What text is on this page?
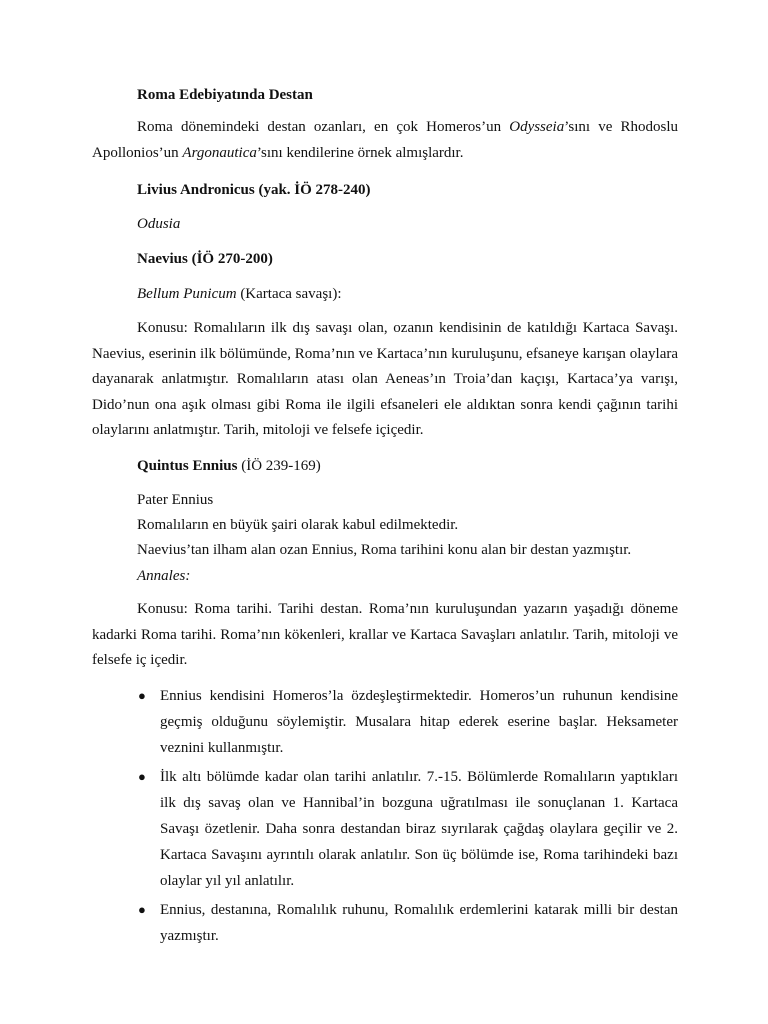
Roma Edebiyatında Destan
Roma dönemindeki destan ozanları, en çok Homeros’un Odysseia’sını ve Rhodoslu Apollonios’un Argonautica’sını kendilerine örnek almışlardır.
Livius Andronicus (yak. İÖ 278-240)
Odusia
Naevius (İÖ 270-200)
Bellum Punicum (Kartaca savaşı):
Konusu: Romalıların ilk dış savaşı olan, ozanın kendisinin de katıldığı Kartaca Savaşı. Naevius, eserinin ilk bölümünde, Roma’nın ve Kartaca’nın kuruluşunu, efsaneye karışan olaylara dayanarak anlatmıştır. Romalıların atası olan Aeneas’ın Troia’dan kaçışı, Kartaca’ya varışı, Dido’nun ona aşık olması gibi Roma ile ilgili efsaneleri ele aldıktan sonra kendi çağının tarihi olaylarını anlatmıştır. Tarih, mitoloji ve felsefe içiçedir.
Quintus Ennius (İÖ 239-169)
Pater Ennius
Romalıların en büyük şairi olarak kabul edilmektedir.
Naevius’tan ilham alan ozan Ennius, Roma tarihini konu alan bir destan yazmıştır.
Annales:
Konusu: Roma tarihi. Tarihi destan. Roma’nın kuruluşundan yazarın yaşadığı döneme kadarki Roma tarihi. Roma’nın kökenleri, krallar ve Kartaca Savaşları anlatılır. Tarih, mitoloji ve felsefe iç içedir.
● Ennius kendisini Homeros’la özdeşleştirmektedir. Homeros’un ruhunun kendisine geçmiş olduğunu söylemiştir. Musalara hitap ederek eserine başlar. Heksameter veznini kullanmıştır.
● İlk altı bölümde kadar olan tarihi anlatılır. 7.-15. Bölümlerde Romalıların yaptıkları ilk dış savaş olan ve Hannibal’in bozguna uğratılması ile sonuçlanan 1. Kartaca Savaşı özetlenir. Daha sonra destandan biraz sıyrılarak çağdaş olaylara geçilir ve 2. Kartaca Savaşını ayrıntılı olarak anlatılır. Son üç bölümde ise, Roma tarihindeki bazı olaylar yıl yıl anlatılır.
● Ennius, destanına, Romalılık ruhunu, Romalılık erdemlerini katarak milli bir destan yazmıştır.
